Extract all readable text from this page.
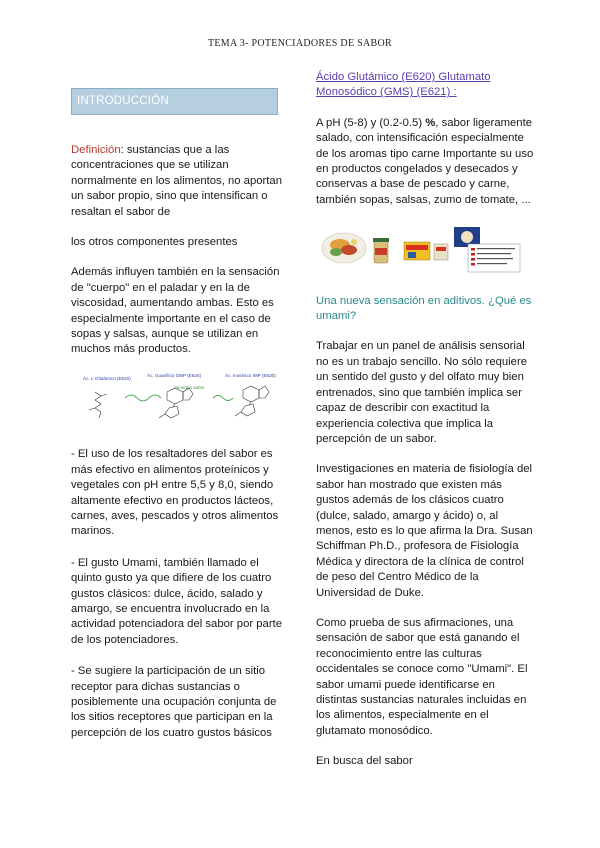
TEMA 3- POTENCIADORES DE SABOR
INTRODUCCIÓN

Definición: sustancias que a las concentraciones que se utilizan normalmente en los alimentos, no aportan un sabor propio, sino que intensifican o resaltan el sabor de

los otros componentes presentes

Además influyen también en la sensación de "cuerpo" en el paladar y en la de viscosidad, aumentando ambas. Esto es especialmente importante en el caso de sopas y salsas, aunque se utilizan en muchos más productos.

Ác. L-Glutámico (E620)
Ác. Guanílico GMP (E626)	Ác. Inosínico IMP (E630)
Sinergia sabor

- El uso de los resaltadores del sabor es más efectivo en alimentos proteínicos y vegetales con pH entre 5,5 y 8,0, siendo altamente efectivo en productos lácteos, carnes, aves, pescados y otros alimentos marinos.

- El gusto Umami, también llamado el quinto gusto ya que difiere de los cuatro gustos clásicos: dulce, ácido, salado y amargo, se encuentra involucrado en la actividad potenciadora del sabor por parte de los potenciadores.

- Se sugiere la participación de un sitio receptor para dichas sustancias o posiblemente una ocupación conjunta de los sitios receptores que participan en la percepción de los cuatro gustos básicos

Ácido Glutámico (E620) Glutamato Monosódico (GMS) (E621) :

A pH (5-8) y (0.2-0.5) %, sabor ligeramente salado, con intensificación especialmente de los aromas tipo carne Importante su uso en productos congelados y desecados y conservas a base de pescado y carne, también sopas, salsas, zumo de tomate, ...

Una nueva sensación en aditivos. ¿Qué es umami?

Trabajar en un panel de análisis sensorial no es un trabajo sencillo. No sólo requiere un sentido del gusto y del olfato muy bien entrenados, sino que también implica ser capaz de describir con exactitud la experiencia colectiva que implica la percepción de un sabor.

Investigaciones en materia de fisiología del sabor han mostrado que existen más gustos además de los clásicos cuatro (dulce, salado, amargo y ácido) o, al menos, esto es lo que afirma la Dra. Susan Schiffman Ph.D., profesora de Fisiología Médica y directora de la clínica de control de peso del Centro Médico de la Universidad de Duke.

Como prueba de sus afirmaciones, una sensación de sabor que está ganando el reconocimiento entre las culturas occidentales se conoce como "Umami". El sabor umami puede identificarse en distintas sustancias naturales incluidas en los alimentos, especialmente en el glutamato monosódico.

En busca del sabor
